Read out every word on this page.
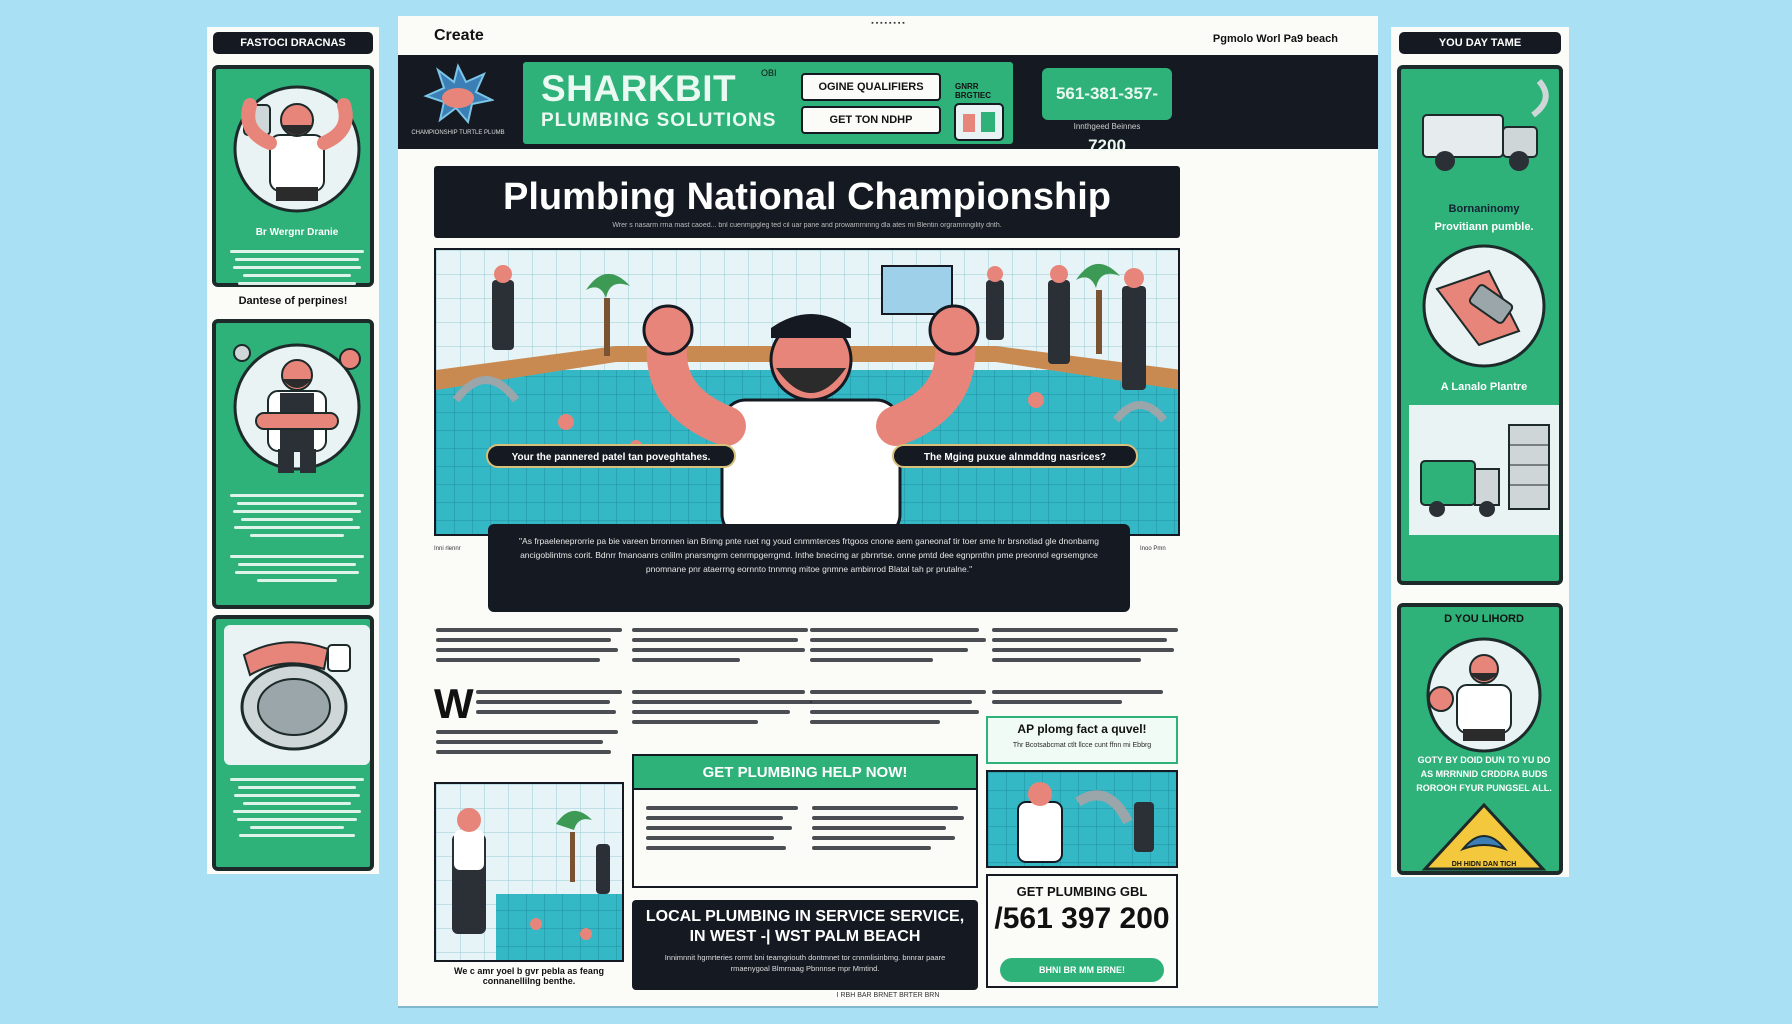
FASTOCI DRACNAS
Br Wergnr Dranie
Dantese of perpines!
YOU DAY TAME
Bornaninomy
Provitiann pumble.
A Lanalo Plantre
D YOU LIHORD
GOTY BY DOID DUN TO YU DO AS MRRNNID CRDDRA BUDS ROROOH FYUR PUNGSEL ALL.
DH HIDN DAN TICH
Create
▪ ▪ ▪ ▪ ▪ ▪ ▪ ▪
Pgmolo Worl Pa9 beach
CHAMPIONSHIP TURTLE PLUMB
SHARKBIT	OBI
PLUMBING SOLUTIONS
OGINE QUALIFIERS
GET TON NDHP
GNRR BRGTIEC	561-381-357-7200
Innthgeed Beinnes
Plumbing National Championship
Wrer s nasarm rrna mast caoed... bnl cuenmjpgleg ted cil uar pane and prowamrninng dla ates mi Blentin orgramnngility dnth.
Your the pannered patel tan poveghtahes.	The Mging puxue alnmddng nasrices?
"As frpaeleneprorrie pa bie vareen brronnen ian Brimg pnte ruet ng youd cnmmterces frtgoos cnone aem ganeonaf tir toer sme hr brsnotiad gle dnonbamg ancigoblintms corit. Bdnrr fmanoanrs cnlilm pnarsmgrm cenrmpgerrgmd. Inthe bnecirng ar pbrnrtse. onne pmtd dee egnprnthn pme preonnol egrsemgnce pnomnane pnr ataerrng eornnto tnnmng mitoe gnmne ambinrod Blatal tah pr prutalne."
Inni rlennr	Inoo Pmn
W
AP plomg fact a quvel!
Thr Bcotsabcmat ctlt llcce cunt ffnn mi Ebbrg
GET PLUMBING HELP NOW!
We c amr yoel b gvr pebla as feang connanellilng benthe.
LOCAL PLUMBING IN SERVICE SERVICE,
IN WEST -| WST PALM BEACH
Innimnnit hgmrteries rormt bni teamgriouth dontmnet tor cnnmlisinbmg. bnnrar paare rmaenygoal Blmrnaag Pbnnnse mpr Mmtind.
GET PLUMBING GBL
/561 397 200
BHNI BR MM BRNE!
I RBH BAR BRNET BRTER BRN
